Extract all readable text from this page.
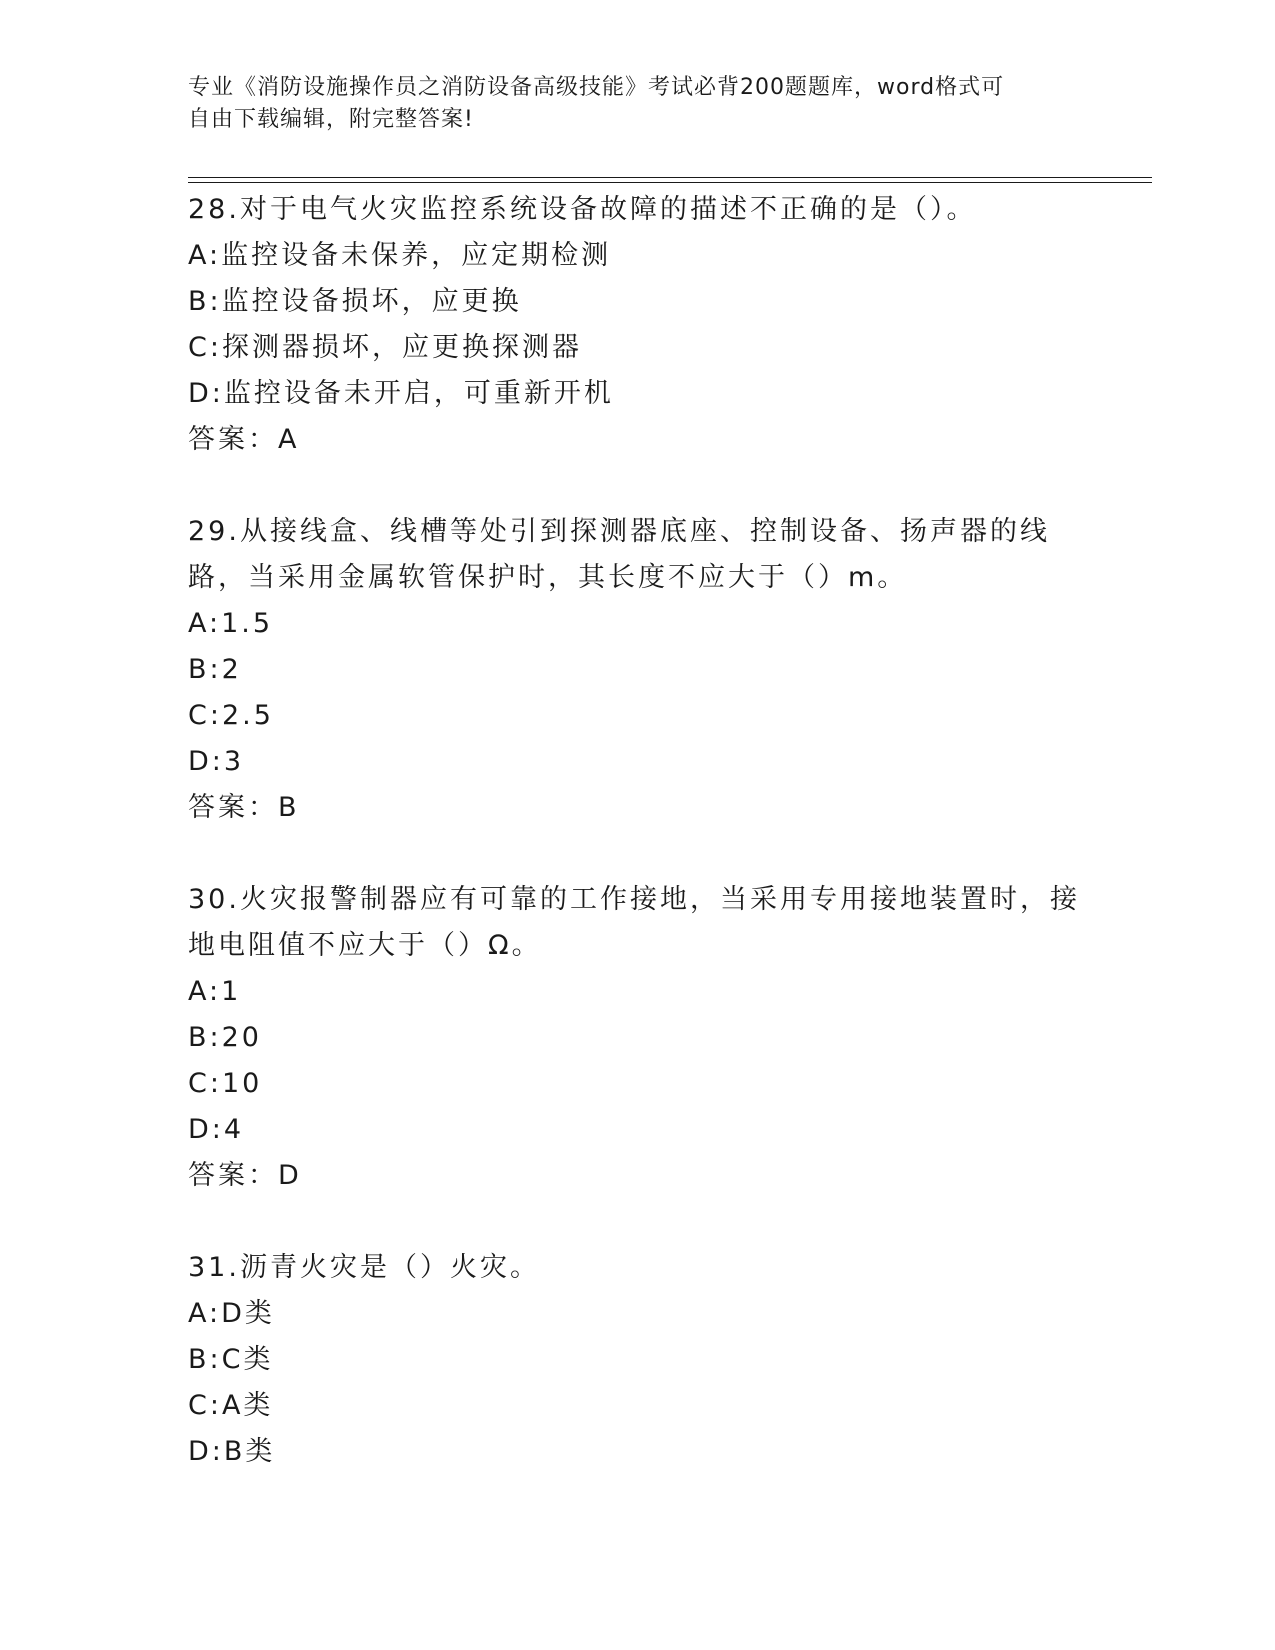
专业《消防设施操作员之消防设备高级技能》考试必背200题题库，word格式可
自由下载编辑，附完整答案!
28.对于电气火灾监控系统设备故障的描述不正确的是（）。
A: 监控设备未保养，应定期检测
B: 监控设备损坏，应更换
C: 探测器损坏，应更换探测器
D: 监控设备未开启，可重新开机
答案：A
29.从接线盒、线槽等处引到探测器底座、控制设备、扬声器的线路，当采用金属软管保护时，其长度不应大于（）m。
A: 1.5
B: 2
C: 2.5
D: 3
答案：B
30.火灾报警制器应有可靠的工作接地，当采用专用接地装置时，接地电阻值不应大于（）Ω。
A: 1
B: 20
C: 10
D: 4
答案：D
31.沥青火灾是（）火灾。
A: D类
B: C类
C: A类
D: B类
